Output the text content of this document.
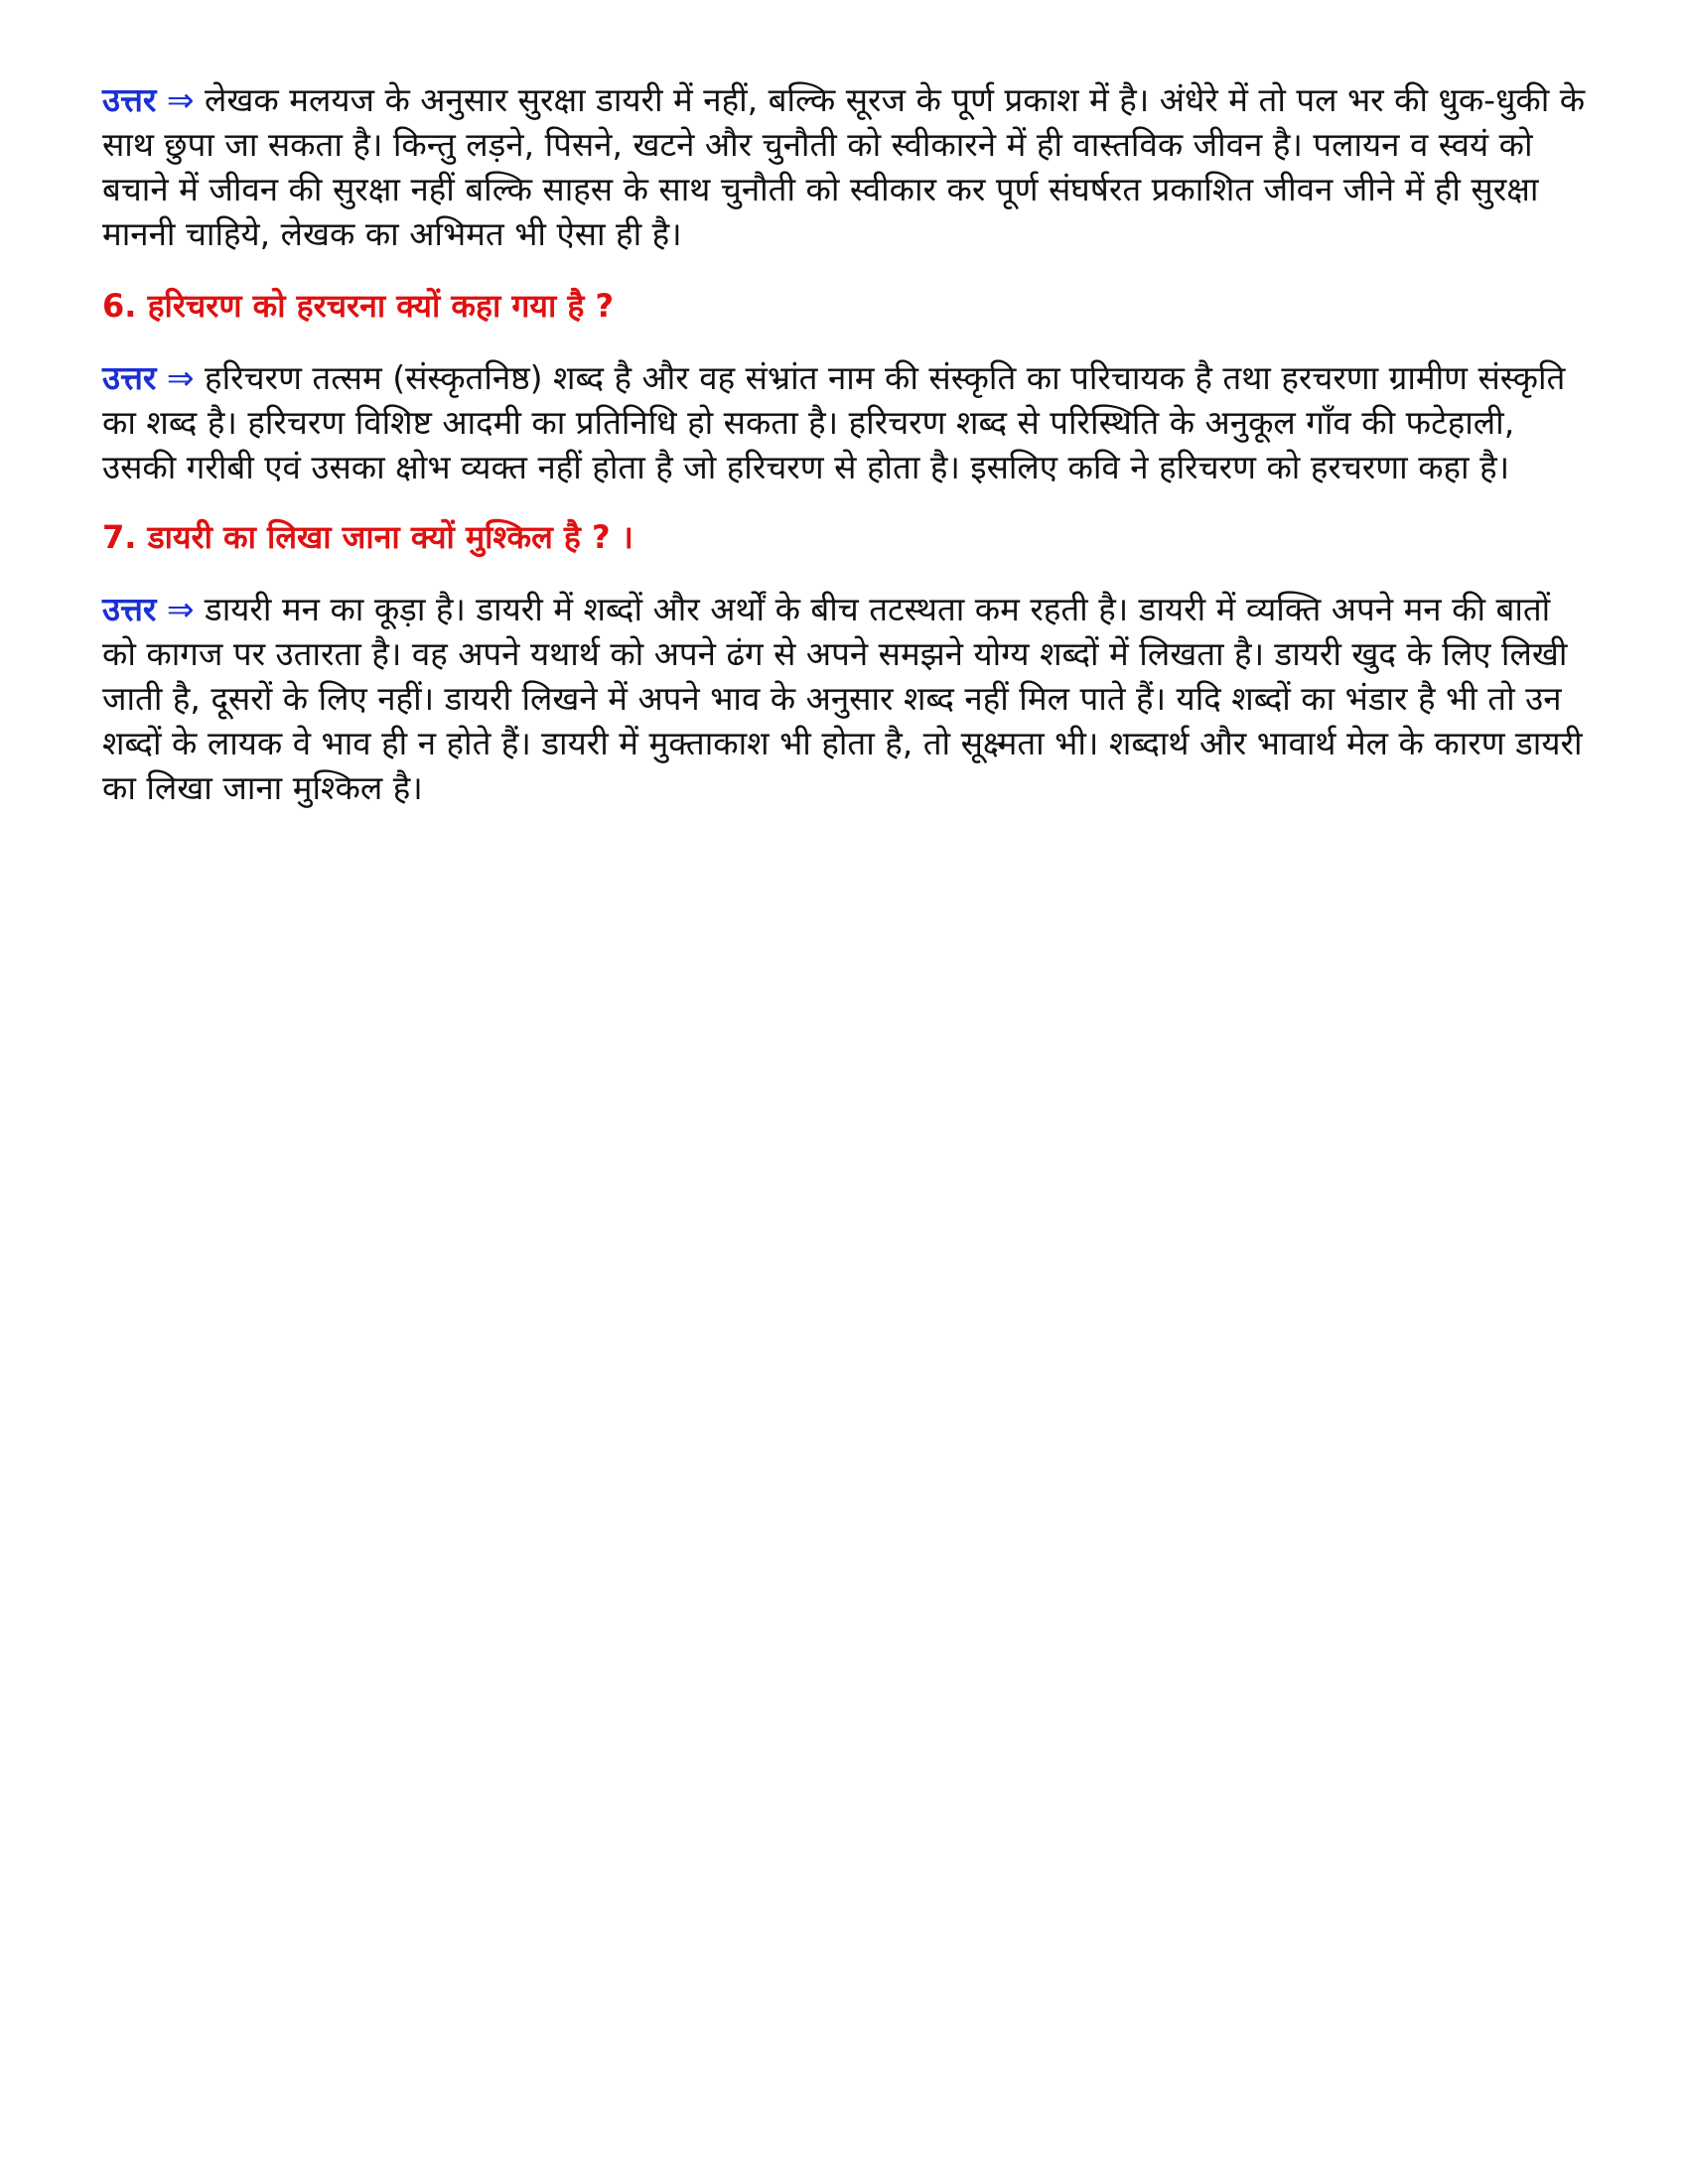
उत्तर ⇒ लेखक मलयज के अनुसार सुरक्षा डायरी में नहीं, बल्कि सूरज के पूर्ण प्रकाश में है। अंधेरे में तो पल भर की धुक-धुकी के साथ छुपा जा सकता है। किन्तु लड़ने, पिसने, खटने और चुनौती को स्वीकारने में ही वास्तविक जीवन है। पलायन व स्वयं को बचाने में जीवन की सुरक्षा नहीं बल्कि साहस के साथ चुनौती को स्वीकार कर पूर्ण संघर्षरत प्रकाशित जीवन जीने में ही सुरक्षा माननी चाहिये, लेखक का अभिमत भी ऐसा ही है।

6. हरिचरण को हरचरना क्यों कहा गया है ?

उत्तर ⇒ हरिचरण तत्सम (संस्कृतनिष्ठ) शब्द है और वह संभ्रांत नाम की संस्कृति का परिचायक है तथा हरचरणा ग्रामीण संस्कृति का शब्द है। हरिचरण विशिष्ट आदमी का प्रतिनिधि हो सकता है। हरिचरण शब्द से परिस्थिति के अनुकूल गाँव की फटेहाली, उसकी गरीबी एवं उसका क्षोभ व्यक्त नहीं होता है जो हरिचरण से होता है। इसलिए कवि ने हरिचरण को हरचरणा कहा है।

7. डायरी का लिखा जाना क्यों मुश्किल है ? ।

उत्तर ⇒ डायरी मन का कूड़ा है। डायरी में शब्दों और अर्थों के बीच तटस्थता कम रहती है। डायरी में व्यक्ति अपने मन की बातों को कागज पर उतारता है। वह अपने यथार्थ को अपने ढंग से अपने समझने योग्य शब्दों में लिखता है। डायरी खुद के लिए लिखी जाती है, दूसरों के लिए नहीं। डायरी लिखने में अपने भाव के अनुसार शब्द नहीं मिल पाते हैं। यदि शब्दों का भंडार है भी तो उन शब्दों के लायक वे भाव ही न होते हैं। डायरी में मुक्ताकाश भी होता है, तो सूक्ष्मता भी। शब्दार्थ और भावार्थ मेल के कारण डायरी का लिखा जाना मुश्किल है।
